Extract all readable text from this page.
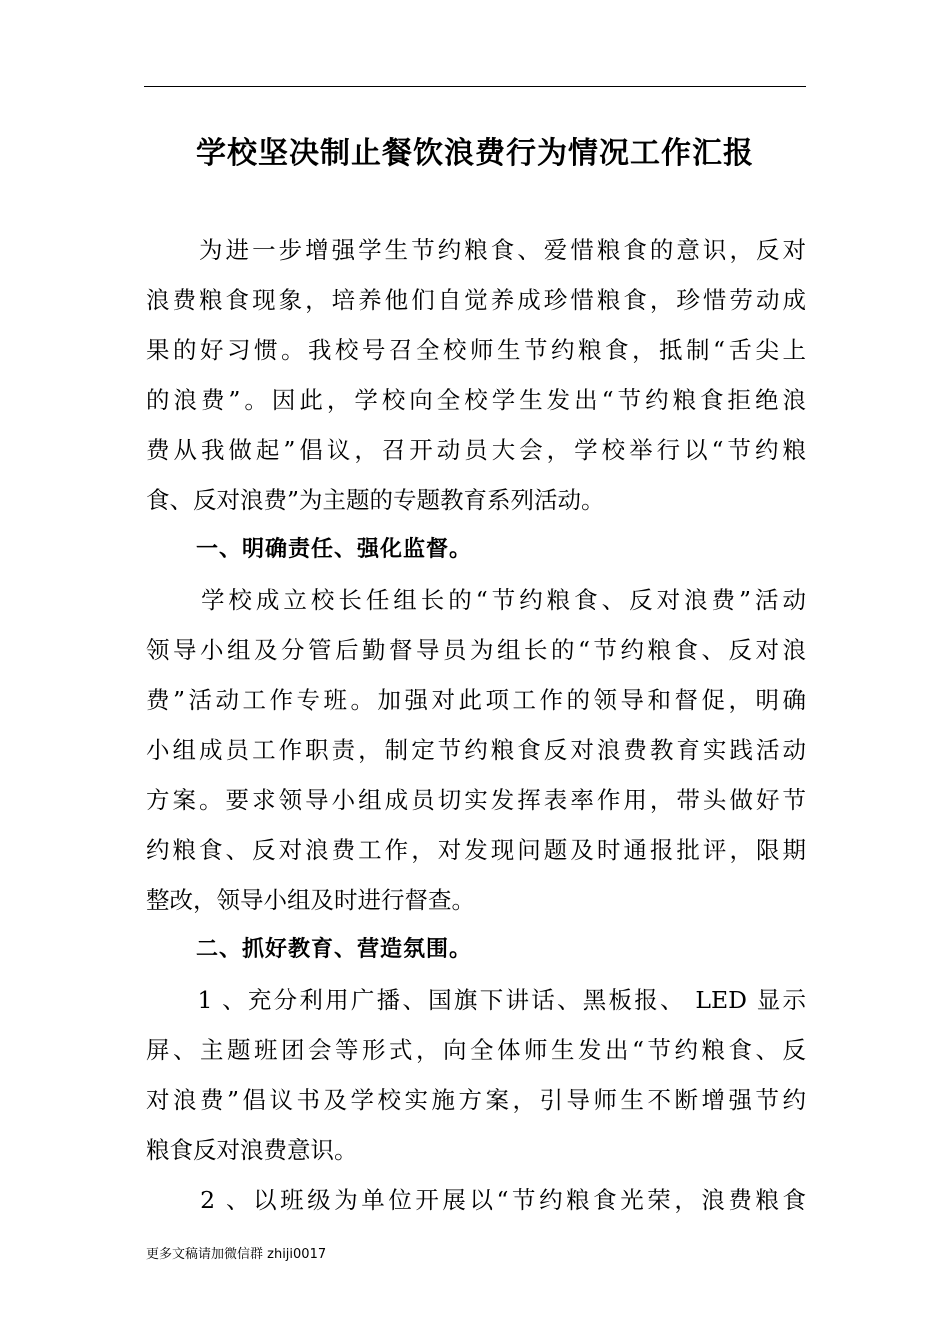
学校坚决制止餐饮浪费行为情况工作汇报
　　为进一步增强学生节约粮食、爱惜粮食的意识，反对
浪费粮食现象，培养他们自觉养成珍惜粮食，珍惜劳动成
果的好习惯。我校号召全校师生节约粮食，抵制“舌尖上
的浪费”。因此，学校向全校学生发出“节约粮食拒绝浪
费从我做起”倡议，召开动员大会，学校举行以“节约粮
食、反对浪费”为主题的专题教育系列活动。
一、明确责任、强化监督。
　　学校成立校长任组长的“节约粮食、反对浪费”活动
领导小组及分管后勤督导员为组长的“节约粮食、反对浪
费”活动工作专班。加强对此项工作的领导和督促，明确
小组成员工作职责，制定节约粮食反对浪费教育实践活动
方案。要求领导小组成员切实发挥表率作用，带头做好节
约粮食、反对浪费工作，对发现问题及时通报批评，限期
整改，领导小组及时进行督查。
二、抓好教育、营造氛围。
　　1 、充分利用广播、国旗下讲话、黑板报、 LED 显示
屏、主题班团会等形式，向全体师生发出“节约粮食、反
对浪费”倡议书及学校实施方案，引导师生不断增强节约
粮食反对浪费意识。
　　2 、以班级为单位开展以“节约粮食光荣，浪费粮食
更多文稿请加微信群 zhiji0017
